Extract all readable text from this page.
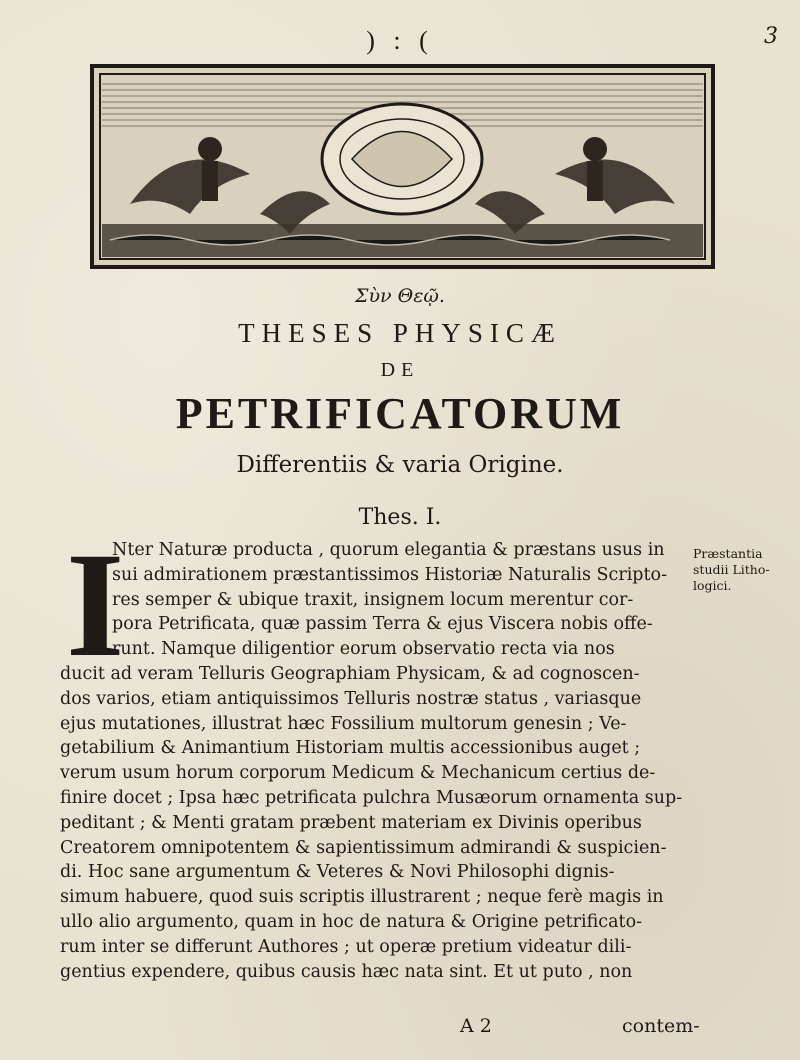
) : (	3
Σὺν Θεῷ.
THESES PHYSICÆ
DE
PETRIFICATORUM
Differentiis & varia Origine.
Thes. I.
I
Nter Naturæ producta , quorum elegantia & præstans usus in
sui admirationem præstantissimos Historiæ Naturalis Scripto-
res semper & ubique traxit, insignem locum merentur cor-
pora Petrificata, quæ passim Terra & ejus Viscera nobis offe-
runt. Namque diligentior eorum observatio recta via nos
ducit ad veram Telluris Geographiam Physicam, & ad cognoscen-
dos varios, etiam antiquissimos Telluris nostræ status , variasque
ejus mutationes, illustrat hæc Fossilium multorum genesin ; Ve-
getabilium & Animantium Historiam multis accessionibus auget ;
verum usum horum corporum Medicum & Mechanicum certius de-
finire docet ; Ipsa hæc petrificata pulchra Musæorum ornamenta sup-
peditant ; & Menti gratam præbent materiam ex Divinis operibus
Creatorem omnipotentem & sapientissimum admirandi & suspicien-
di. Hoc sane argumentum & Veteres & Novi Philosophi dignis-
simum habuere, quod suis scriptis illustrarent ; neque ferè magis in
ullo alio argumento, quam in hoc de natura & Origine petrificato-
rum inter se differunt Authores ; ut operæ pretium videatur dili-
gentius expendere, quibus causis hæc nata sint. Et ut puto , non
Præstantia
studii Litho-
logici.
A 2	contem-
